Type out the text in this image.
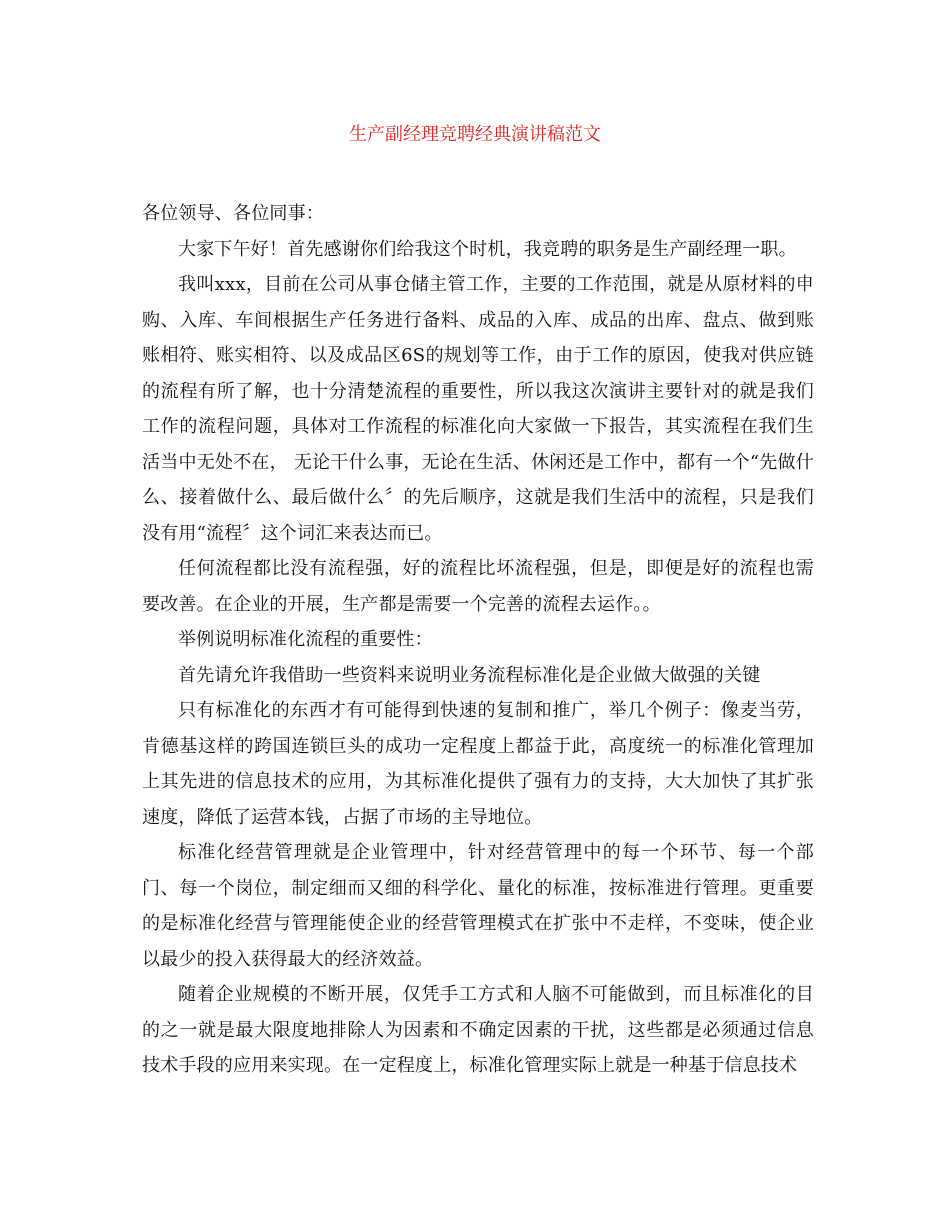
生产副经理竞聘经典演讲稿范文

各位领导、各位同事：

大家下午好！首先感谢你们给我这个时机，我竞聘的职务是生产副经理一职。

我叫xxx，目前在公司从事仓储主管工作，主要的工作范围，就是从原材料的申购、入库、车间根据生产任务进行备料、成品的入库、成品的出库、盘点、做到账账相符、账实相符、以及成品区6S的规划等工作，由于工作的原因，使我对供应链的流程有所了解，也十分清楚流程的重要性，所以我这次演讲主要针对的就是我们工作的流程问题，具体对工作流程的标准化向大家做一下报告，其实流程在我们生活当中无处不在， 无论干什么事，无论在生活、休闲还是工作中，都有一个“先做什么、接着做什么、最后做什么〞的先后顺序，这就是我们生活中的流程，只是我们没有用“流程〞这个词汇来表达而已。

任何流程都比没有流程强，好的流程比坏流程强，但是，即便是好的流程也需要改善。在企业的开展，生产都是需要一个完善的流程去运作。。

举例说明标准化流程的重要性：

首先请允许我借助一些资料来说明业务流程标准化是企业做大做强的关键

只有标准化的东西才有可能得到快速的复制和推广，举几个例子：像麦当劳，肯德基这样的跨国连锁巨头的成功一定程度上都益于此，高度统一的标准化管理加上其先进的信息技术的应用，为其标准化提供了强有力的支持，大大加快了其扩张速度，降低了运营本钱，占据了市场的主导地位。

标准化经营管理就是企业管理中，针对经营管理中的每一个环节、每一个部门、每一个岗位，制定细而又细的科学化、量化的标准，按标准进行管理。更重要的是标准化经营与管理能使企业的经营管理模式在扩张中不走样，不变味，使企业以最少的投入获得最大的经济效益。

随着企业规模的不断开展，仅凭手工方式和人脑不可能做到，而且标准化的目的之一就是最大限度地排除人为因素和不确定因素的干扰，这些都是必须通过信息技术手段的应用来实现。在一定程度上，标准化管理实际上就是一种基于信息技术
